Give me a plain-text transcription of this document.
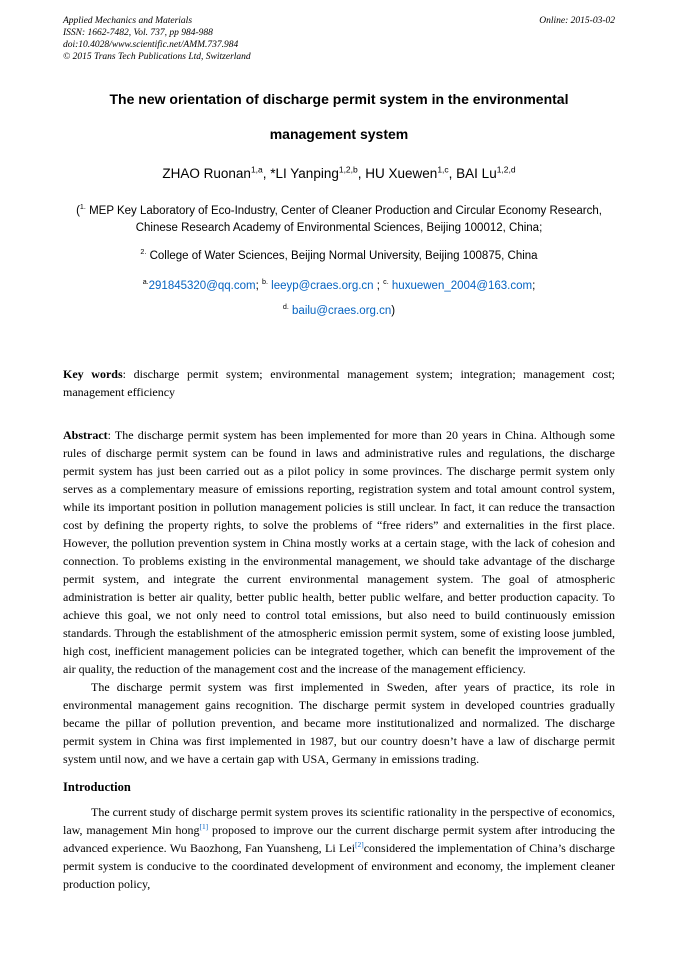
Applied Mechanics and Materials
ISSN: 1662-7482, Vol. 737, pp 984-988
doi:10.4028/www.scientific.net/AMM.737.984
© 2015 Trans Tech Publications Ltd, Switzerland
Online: 2015-03-02
The new orientation of discharge permit system in the environmental
management system
ZHAO Ruonan$^{1,a}$, *LI Yanping$^{1,2,b}$, HU Xuewen$^{1,c}$, BAI Lu$^{1,2,d}$
($^{1.}$ MEP Key Laboratory of Eco-Industry, Center of Cleaner Production and Circular Economy Research, Chinese Research Academy of Environmental Sciences, Beijing 100012, China;
$^{2.}$ College of Water Sciences, Beijing Normal University, Beijing 100875, China
$^{a.}$291845320@qq.com; $^{b.}$ leeyp@craes.org.cn ; $^{c.}$ huxuewen_2004@163.com;
$^{d.}$ bailu@craes.org.cn)

Key words: discharge permit system; environmental management system; integration; management cost; management efficiency

Abstract: The discharge permit system has been implemented for more than 20 years in China. Although some rules of discharge permit system can be found in laws and administrative rules and regulations, the discharge permit system has just been carried out as a pilot policy in some provinces. The discharge permit system only serves as a complementary measure of emissions reporting, registration system and total amount control system, while its important position in pollution management policies is still unclear. In fact, it can reduce the transaction cost by defining the property rights, to solve the problems of “free riders” and externalities in the first place. However, the pollution prevention system in China mostly works at a certain stage, with the lack of cohesion and connection. To problems existing in the environmental management, we should take advantage of the discharge permit system, and integrate the current environmental management system. The goal of atmospheric administration is better air quality, better public health, better public welfare, and better production capacity. To achieve this goal, we not only need to control total emissions, but also need to build continuously emission standards. Through the establishment of the atmospheric emission permit system, some of existing loose jumbled, high cost, inefficient management policies can be integrated together, which can benefit the improvement of the air quality, the reduction of the management cost and the increase of the management efficiency.

The discharge permit system was first implemented in Sweden, after years of practice, its role in environmental management gains recognition. The discharge permit system in developed countries gradually became the pillar of pollution prevention, and became more institutionalized and normalized. The discharge permit system in China was first implemented in 1987, but our country doesn’t have a law of discharge permit system until now, and we have a certain gap with USA, Germany in emissions trading.

Introduction

The current study of discharge permit system proves its scientific rationality in the perspective of economics, law, management Min hong[1] proposed to improve our the current discharge permit system after introducing the advanced experience. Wu Baozhong, Fan Yuansheng, Li Lei[2]considered the implementation of China’s discharge permit system is conducive to the coordinated development of environment and economy, the implement cleaner production policy,
